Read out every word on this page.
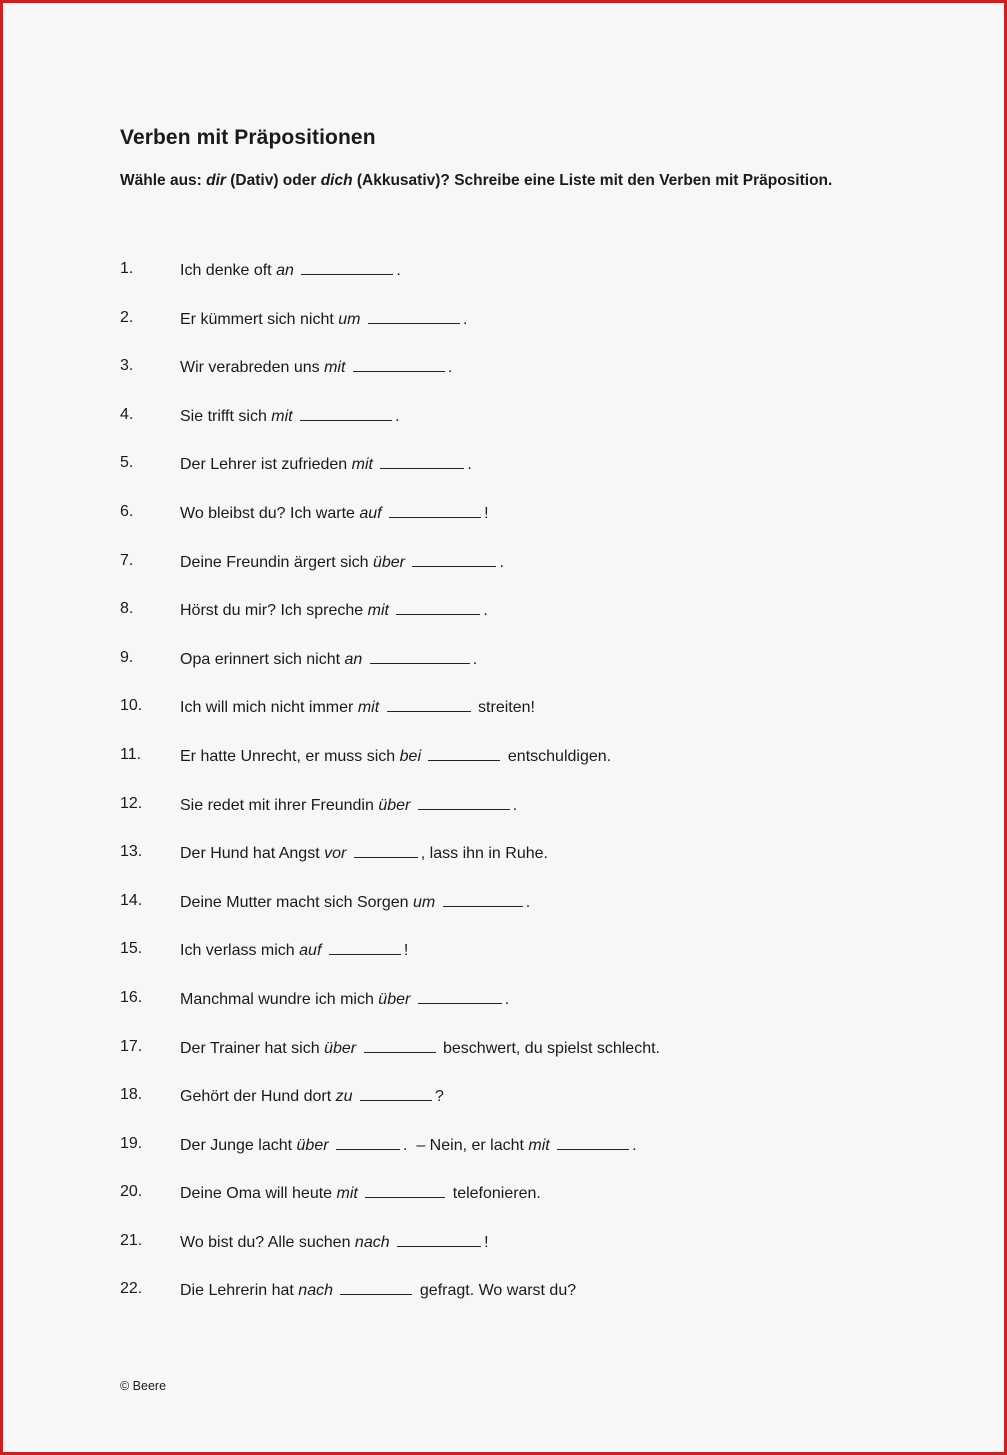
Verben mit Präpositionen

Wähle aus: dir (Dativ) oder dich (Akkusativ)? Schreibe eine Liste mit den Verben mit Präposition.

1.	Ich denke oft an	.
2.	Er kümmert sich nicht um	.
3.	Wir verabreden uns mit	.
4.	Sie trifft sich mit	.
5.	Der Lehrer ist zufrieden mit	.
6.	Wo bleibst du? Ich warte auf	!
7.	Deine Freundin ärgert sich über	.
8.	Hörst du mir? Ich spreche mit	.
9.	Opa erinnert sich nicht an	.
10.	Ich will mich nicht immer mit	streiten!
11.	Er hatte Unrecht, er muss sich bei	entschuldigen.
12.	Sie redet mit ihrer Freundin über	.
13.	Der Hund hat Angst vor	, lass ihn in Ruhe.
14.	Deine Mutter macht sich Sorgen um	.
15.	Ich verlass mich auf	!
16.	Manchmal wundre ich mich über	.
17.	Der Trainer hat sich über	beschwert, du spielst schlecht.
18.	Gehört der Hund dort zu	?
19.	Der Junge lacht über	.  – Nein, er lacht mit	.
20.	Deine Oma will heute mit	telefonieren.
21.	Wo bist du? Alle suchen nach	!
22.	Die Lehrerin hat nach	gefragt. Wo warst du?

© Beere
